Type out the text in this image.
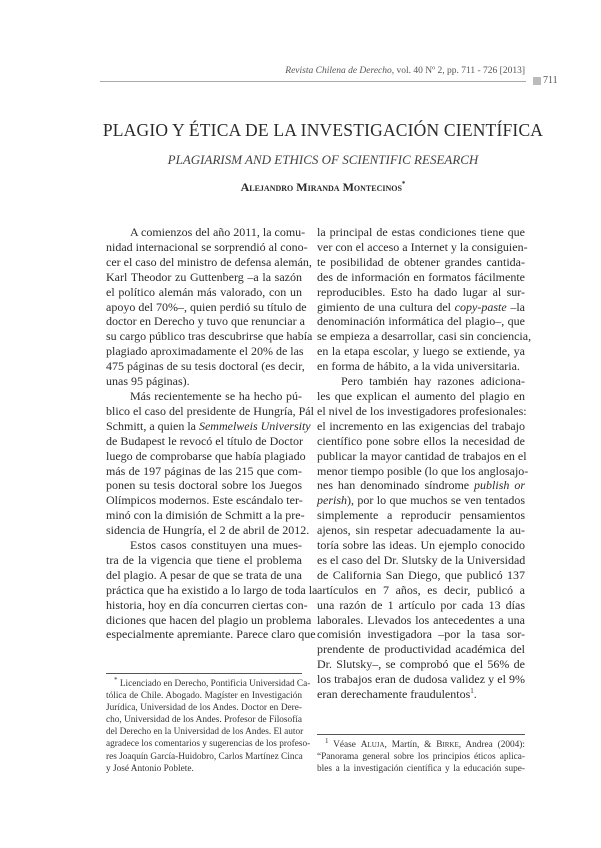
Revista Chilena de Derecho, vol. 40 Nº 2, pp. 711 - 726 [2013]
711
PLAGIO Y ÉTICA DE LA INVESTIGACIÓN CIENTÍFICA
PLAGIARISM AND ETHICS OF SCIENTIFIC RESEARCH
Alejandro Miranda Montecinos*
A comienzos del año 2011, la comu-
nidad internacional se sorprendió al cono-
cer el caso del ministro de defensa alemán,
Karl Theodor zu Guttenberg –a la sazón
el político alemán más valorado, con un
apoyo del 70%–, quien perdió su título de
doctor en Derecho y tuvo que renunciar a
su cargo público tras descubrirse que había
plagiado aproximadamente el 20% de las
475 páginas de su tesis doctoral (es decir,
unas 95 páginas).
Más recientemente se ha hecho pú-
blico el caso del presidente de Hungría, Pál
Schmitt, a quien la Semmelweis University
de Budapest le revocó el título de Doctor
luego de comprobarse que había plagiado
más de 197 páginas de las 215 que com-
ponen su tesis doctoral sobre los Juegos
Olímpicos modernos. Este escándalo ter-
minó con la dimisión de Schmitt a la pre-
sidencia de Hungría, el 2 de abril de 2012.
Estos casos constituyen una mues-
tra de la vigencia que tiene el problema
del plagio. A pesar de que se trata de una
práctica que ha existido a lo largo de toda la
historia, hoy en día concurren ciertas con-
diciones que hacen del plagio un problema
especialmente apremiante. Parece claro que
la principal de estas condiciones tiene que
ver con el acceso a Internet y la consiguien-
te posibilidad de obtener grandes cantida-
des de información en formatos fácilmente
reproducibles. Esto ha dado lugar al sur-
gimiento de una cultura del copy-paste –la
denominación informática del plagio–, que
se empieza a desarrollar, casi sin conciencia,
en la etapa escolar, y luego se extiende, ya
en forma de hábito, a la vida universitaria.
Pero también hay razones adiciona-
les que explican el aumento del plagio en
el nivel de los investigadores profesionales:
el incremento en las exigencias del trabajo
científico pone sobre ellos la necesidad de
publicar la mayor cantidad de trabajos en el
menor tiempo posible (lo que los anglosajo-
nes han denominado síndrome publish or
perish), por lo que muchos se ven tentados
simplemente a reproducir pensamientos
ajenos, sin respetar adecuadamente la au-
toría sobre las ideas. Un ejemplo conocido
es el caso del Dr. Slutsky de la Universidad
de California San Diego, que publicó 137
artículos en 7 años, es decir, publicó a
una razón de 1 artículo por cada 13 días
laborales. Llevados los antecedentes a una
comisión investigadora –por la tasa sor-
prendente de productividad académica del
Dr. Slutsky–, se comprobó que el 56% de
los trabajos eran de dudosa validez y el 9%
eran derechamente fraudulentos$^1$.
* Licenciado en Derecho, Pontificia Universidad Ca-
tólica de Chile. Abogado. Magíster en Investigación
Jurídica, Universidad de los Andes. Doctor en Dere-
cho, Universidad de los Andes. Profesor de Filosofía
del Derecho en la Universidad de los Andes. El autor
agradece los comentarios y sugerencias de los profeso-
res Joaquín García-Huidobro, Carlos Martínez Cinca
y José Antonio Poblete.
$^1$ Véase Aluja, Martín, & Birke, Andrea (2004):
“Panorama general sobre los principios éticos aplica-
bles a la investigación científica y la educación supe-
